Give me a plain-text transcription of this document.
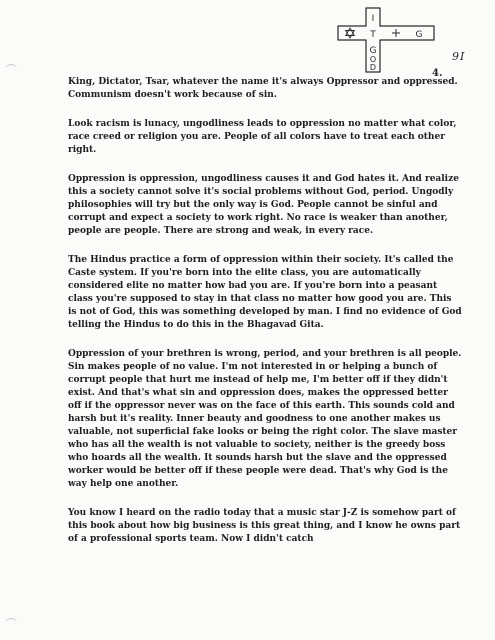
I
T	G
G
O
D
9I
4.

King, Dictator, Tsar, whatever the name it's always Oppressor and oppressed. Communism doesn't work because of sin.

Look racism is lunacy, ungodliness leads to oppression no matter what color, race creed or religion you are. People of all colors have to treat each other right.

Oppression is oppression, ungodliness causes it and God hates it. And realize this a society cannot solve it's social problems without God, period. Ungodly philosophies will try but the only way is God. People cannot be sinful and corrupt and expect a society to work right. No race is weaker than another, people are people. There are strong and weak, in every race.

The Hindus practice a form of oppression within their society. It's called the Caste system. If you're born into the elite class, you are automatically considered elite no matter how bad you are. If you're born into a peasant class you're supposed to stay in that class no matter how good you are. This is not of God, this was something developed by man. I find no evidence of God telling the Hindus to do this in the Bhagavad Gita.

Oppression of your brethren is wrong, period, and your brethren is all people. Sin makes people of no value. I'm not interested in or helping a bunch of corrupt people that hurt me instead of help me, I'm better off if they didn't exist. And that's what sin and oppression does, makes the oppressed better off if the oppressor never was on the face of this earth. This sounds cold and harsh but it's reality. Inner beauty and goodness to one another makes us valuable, not superficial fake looks or being the right color. The slave master who has all the wealth is not valuable to society, neither is the greedy boss who hoards all the wealth. It sounds harsh but the slave and the oppressed worker would be better off if these people were dead. That's why God is the way help one another.

You know I heard on the radio today that a music star J-Z is somehow part of this book about how big business is this great thing, and I know he owns part of a professional sports team. Now I didn't catch
